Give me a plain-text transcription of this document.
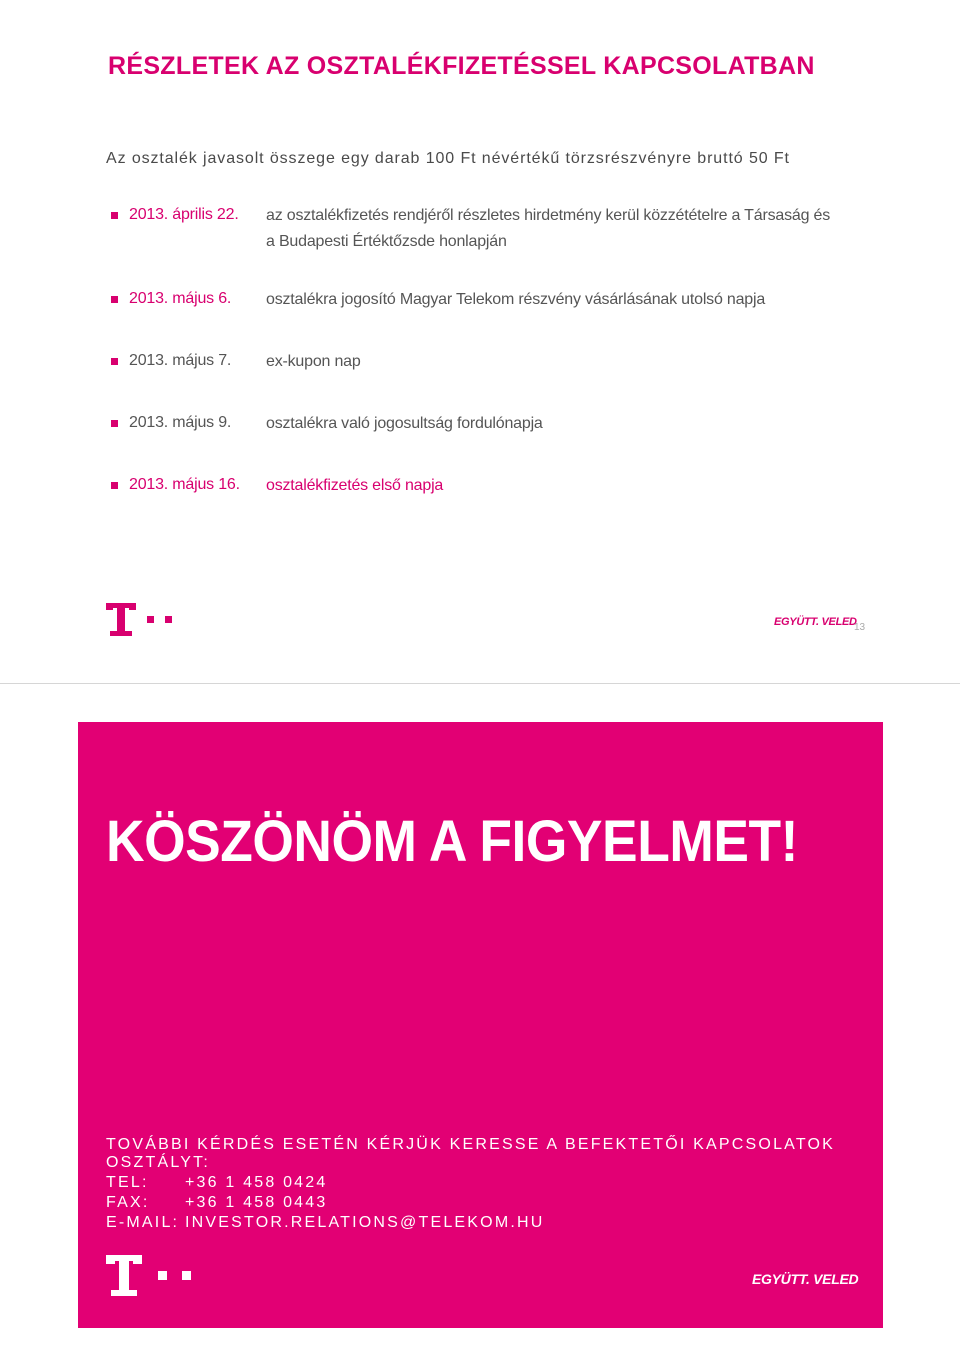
RÉSZLETEK AZ OSZTALÉKFIZETÉSSEL KAPCSOLATBAN
Az osztalék javasolt összege egy darab 100 Ft névértékű törzsrészvényre bruttó 50 Ft
2013. április 22. az osztalékfizetés rendjéről részletes hirdetmény kerül közzétételre a Társaság és
a Budapesti Értéktőzsde honlapján
2013. május 6. osztalékra jogosító Magyar Telekom részvény vásárlásának utolsó napja
2013. május 7. ex-kupon nap
2013. május 9. osztalékra való jogosultság fordulónapja
2013. május 16. osztalékfizetés első napja
EGYÜTT. VELED
13
KÖSZÖNÖM A FIGYELMET!
TOVÁBBI KÉRDÉS ESETÉN KÉRJÜK KERESSE A BEFEKTETŐI KAPCSOLATOK OSZTÁLYT:
TEL: +36 1 458 0424
FAX: +36 1 458 0443
E-MAIL: INVESTOR.RELATIONS@TELEKOM.HU
EGYÜTT. VELED
